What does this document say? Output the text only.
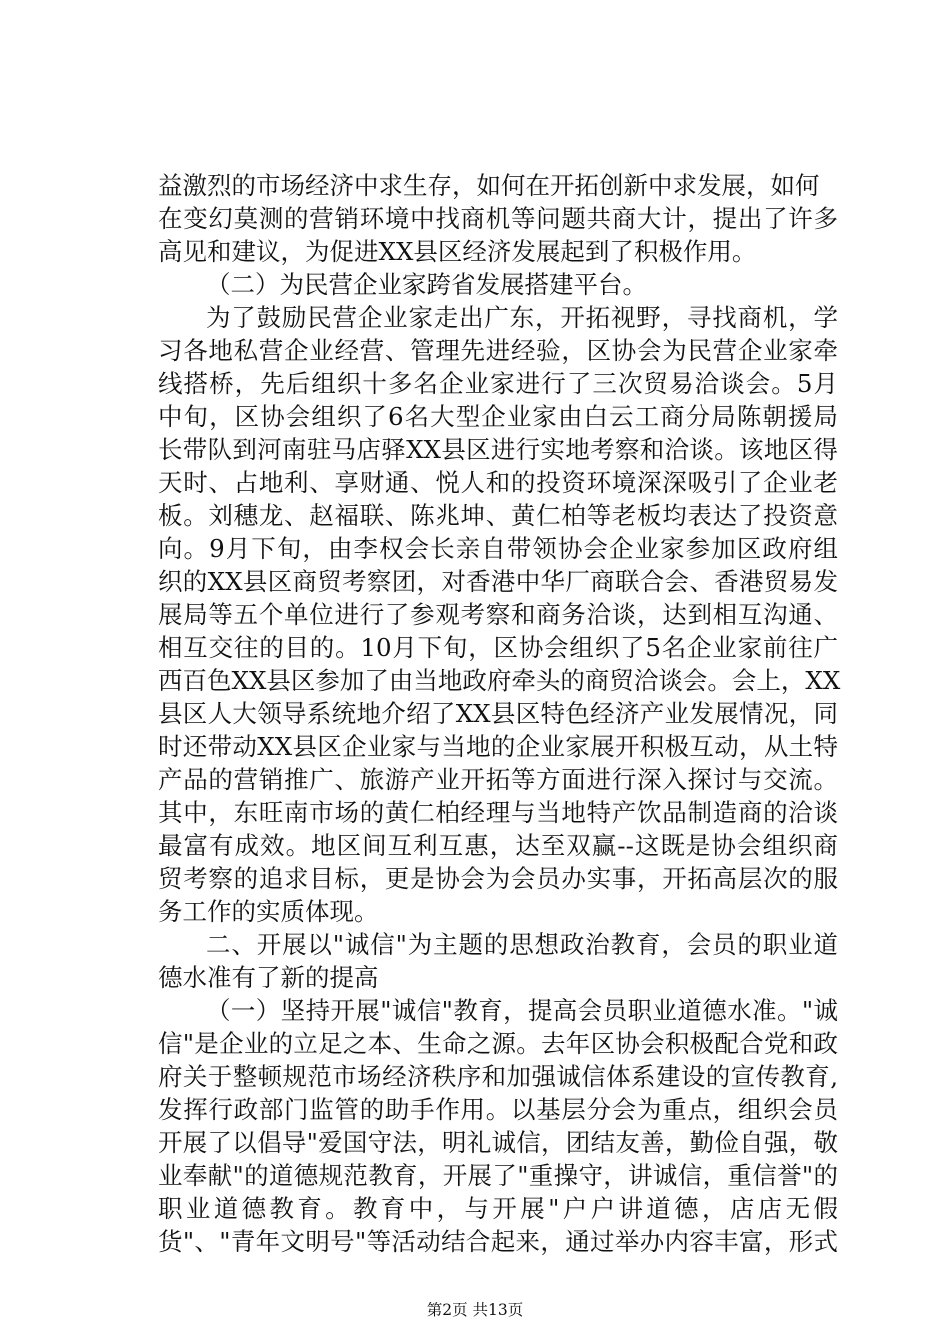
益激烈的市场经济中求生存，如何在开拓创新中求发展，如何
在变幻莫测的营销环境中找商机等问题共商大计，提出了许多
高见和建议，为促进XX县区经济发展起到了积极作用。
（二）为民营企业家跨省发展搭建平台。
为了鼓励民营企业家走出广东，开拓视野，寻找商机，学
习各地私营企业经营、管理先进经验，区协会为民营企业家牵
线搭桥，先后组织十多名企业家进行了三次贸易洽谈会。5月
中旬，区协会组织了6名大型企业家由白云工商分局陈朝援局
长带队到河南驻马店驿XX县区进行实地考察和洽谈。该地区得
天时、占地利、享财通、悦人和的投资环境深深吸引了企业老
板。刘穗龙、赵福联、陈兆坤、黄仁柏等老板均表达了投资意
向。9月下旬，由李权会长亲自带领协会企业家参加区政府组
织的XX县区商贸考察团，对香港中华厂商联合会、香港贸易发
展局等五个单位进行了参观考察和商务洽谈，达到相互沟通、
相互交往的目的。10月下旬，区协会组织了5名企业家前往广
西百色XX县区参加了由当地政府牵头的商贸洽谈会。会上，XX
县区人大领导系统地介绍了XX县区特色经济产业发展情况，同
时还带动XX县区企业家与当地的企业家展开积极互动，从土特
产品的营销推广、旅游产业开拓等方面进行深入探讨与交流。
其中，东旺南市场的黄仁柏经理与当地特产饮品制造商的洽谈
最富有成效。地区间互利互惠，达至双赢--这既是协会组织商
贸考察的追求目标，更是协会为会员办实事，开拓高层次的服
务工作的实质体现。
二、开展以"诚信"为主题的思想政治教育，会员的职业道
德水准有了新的提高
（一）坚持开展"诚信"教育，提高会员职业道德水准。"诚
信"是企业的立足之本、生命之源。去年区协会积极配合党和政
府关于整顿规范市场经济秩序和加强诚信体系建设的宣传教育,
发挥行政部门监管的助手作用。以基层分会为重点，组织会员
开展了以倡导"爱国守法，明礼诚信，团结友善，勤俭自强，敬
业奉献"的道德规范教育，开展了"重操守，讲诚信，重信誉"的
职业道德教育。教育中，与开展"户户讲道德，店店无假
货"、"青年文明号"等活动结合起来，通过举办内容丰富，形式
第2页 共13页
